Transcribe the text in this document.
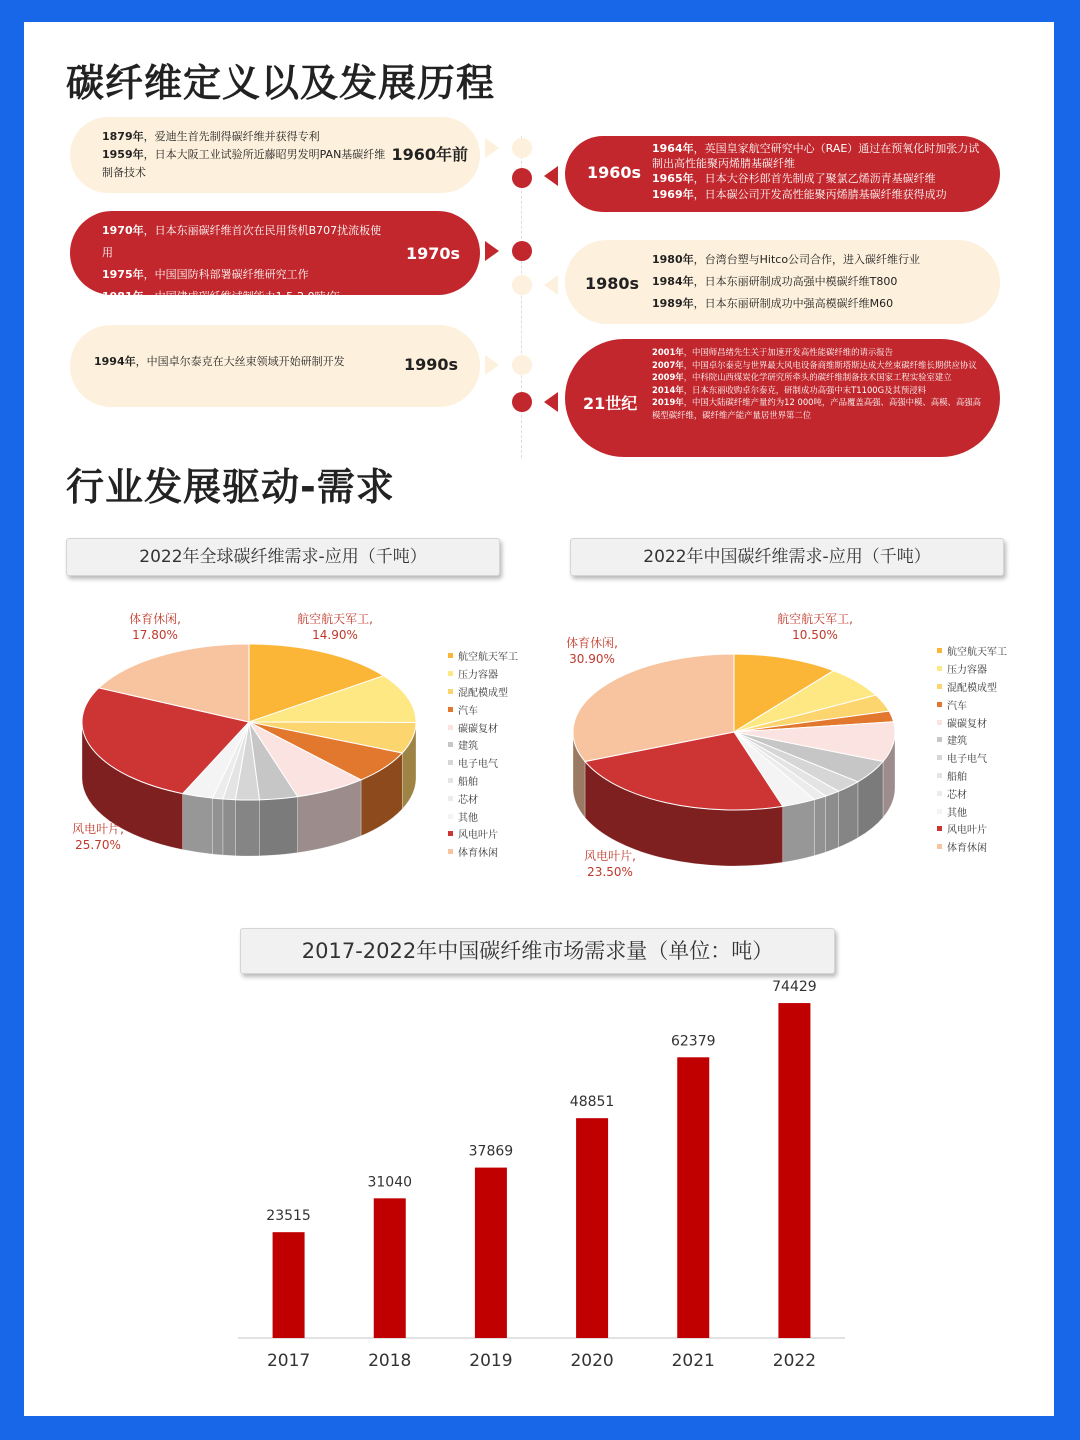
碳纤维定义以及发展历程
行业发展驱动-需求
1879年，爱迪生首先制得碳纤维并获得专利
1959年，日本大阪工业试验所近藤昭男发明PAN基碳纤维制备技术
1960年前
1960s
1964年，英国皇家航空研究中心（RAE）通过在预氧化时加张力试制出高性能聚丙烯腈基碳纤维
1965年，日本大谷杉郎首先制成了聚氯乙烯沥青基碳纤维
1969年，日本碳公司开发高性能聚丙烯腈基碳纤维获得成功
1970年，日本东丽碳纤维首次在民用货机B707扰流板使用
1975年，中国国防科部署碳纤维研究工作
1981年，中国建成碳纤维试制能力1.5-2.0吨/年
1970s
1980s
1980年，台湾台塑与Hitco公司合作，进入碳纤维行业
1984年，日本东丽研制成功高强中模碳纤维T800
1989年，日本东丽研制成功中强高模碳纤维M60
1994年，中国卓尔泰克在大丝束领域开始研制开发	1990s
21世纪
2001年，中国师昌绪先生关于加速开发高性能碳纤维的请示报告
2007年，中国卓尔泰克与世界最大风电设备商维斯塔斯达成大丝束碳纤维长期供应协议
2009年，中科院山西煤炭化学研究所牵头的碳纤维制备技术国家工程实验室建立
2014年，日本东丽收购卓尔泰克，研制成功高强中末T1100G及其预浸料
2019年，中国大陆碳纤维产量约为12 000吨，产品覆盖高强、高强中模、高模、高强高模型碳纤维，碳纤维产能产量居世界第二位
2022年全球碳纤维需求-应用（千吨）	2022年中国碳纤维需求-应用（千吨）
航空航天军工,
14.90%
风电叶片,
25.70%
体育休闲,
17.80%
航空航天军工,
10.50%
风电叶片,
23.50%
体育休闲,
30.90%
航空航天军工
压力容器
混配模成型
汽车
碳碳复材
建筑
电子电气
船舶
芯材
其他
风电叶片
体育休闲
航空航天军工
压力容器
混配模成型
汽车
碳碳复材
建筑
电子电气
船舶
芯材
其他
风电叶片
体育休闲
2017-2022年中国碳纤维市场需求量（单位：吨）
23515
2017
31040
2018
37869
2019
48851
2020
62379
2021
74429
2022
